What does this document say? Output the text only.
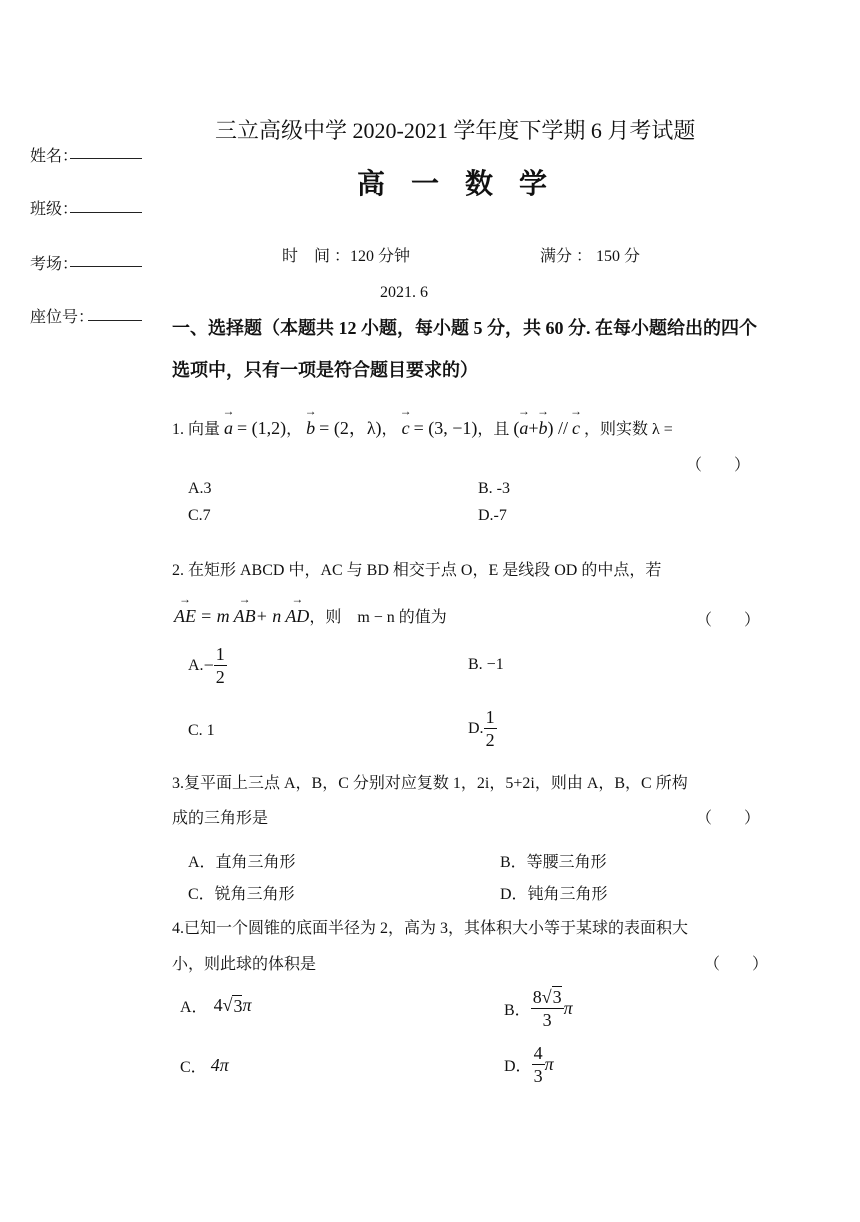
姓名：
班级：
考场：
座位号：
三立高级中学 2020-2021 学年度下学期 6 月考试题
高一数学
时　间 ：120 分钟	满分 ： 150 分
2021. 6
一、选择题（本题共 12 小题，每小题 5 分，共 60 分. 在每小题给出的四个选项中，只有一项是符合题目要求的）
1. 向量 → a = (1,2)， → b = (2，λ)， → c = (3, −1)，且 (→ a+→ b) // → c ，则实数 λ =
（　　）
A.3	B. -3
C.7	D.-7
2. 在矩形 ABCD 中，AC 与 BD 相交于点 O，E 是线段 OD 的中点，若
→ AE = m → AB+ n → AD，则　m − n 的值为	（　　）
A. − $\frac{1}{2}$	B. −1
C. 1	D. $\frac{1}{2}$
3.复平面上三点 A，B，C 分别对应复数 1，2i，5+2i，则由 A，B，C 所构
成的三角形是	（　　）
A．直角三角形	B．等腰三角形
C．锐角三角形	D．钝角三角形
4.已知一个圆锥的底面半径为 2，高为 3，其体积大小等于某球的表面积大
小，则此球的体积是	（　　）
A． 4 √ 3 π	B． $\frac{8√3}{3}$ π
C． 4π	D． $\frac{4}{3}$ π
